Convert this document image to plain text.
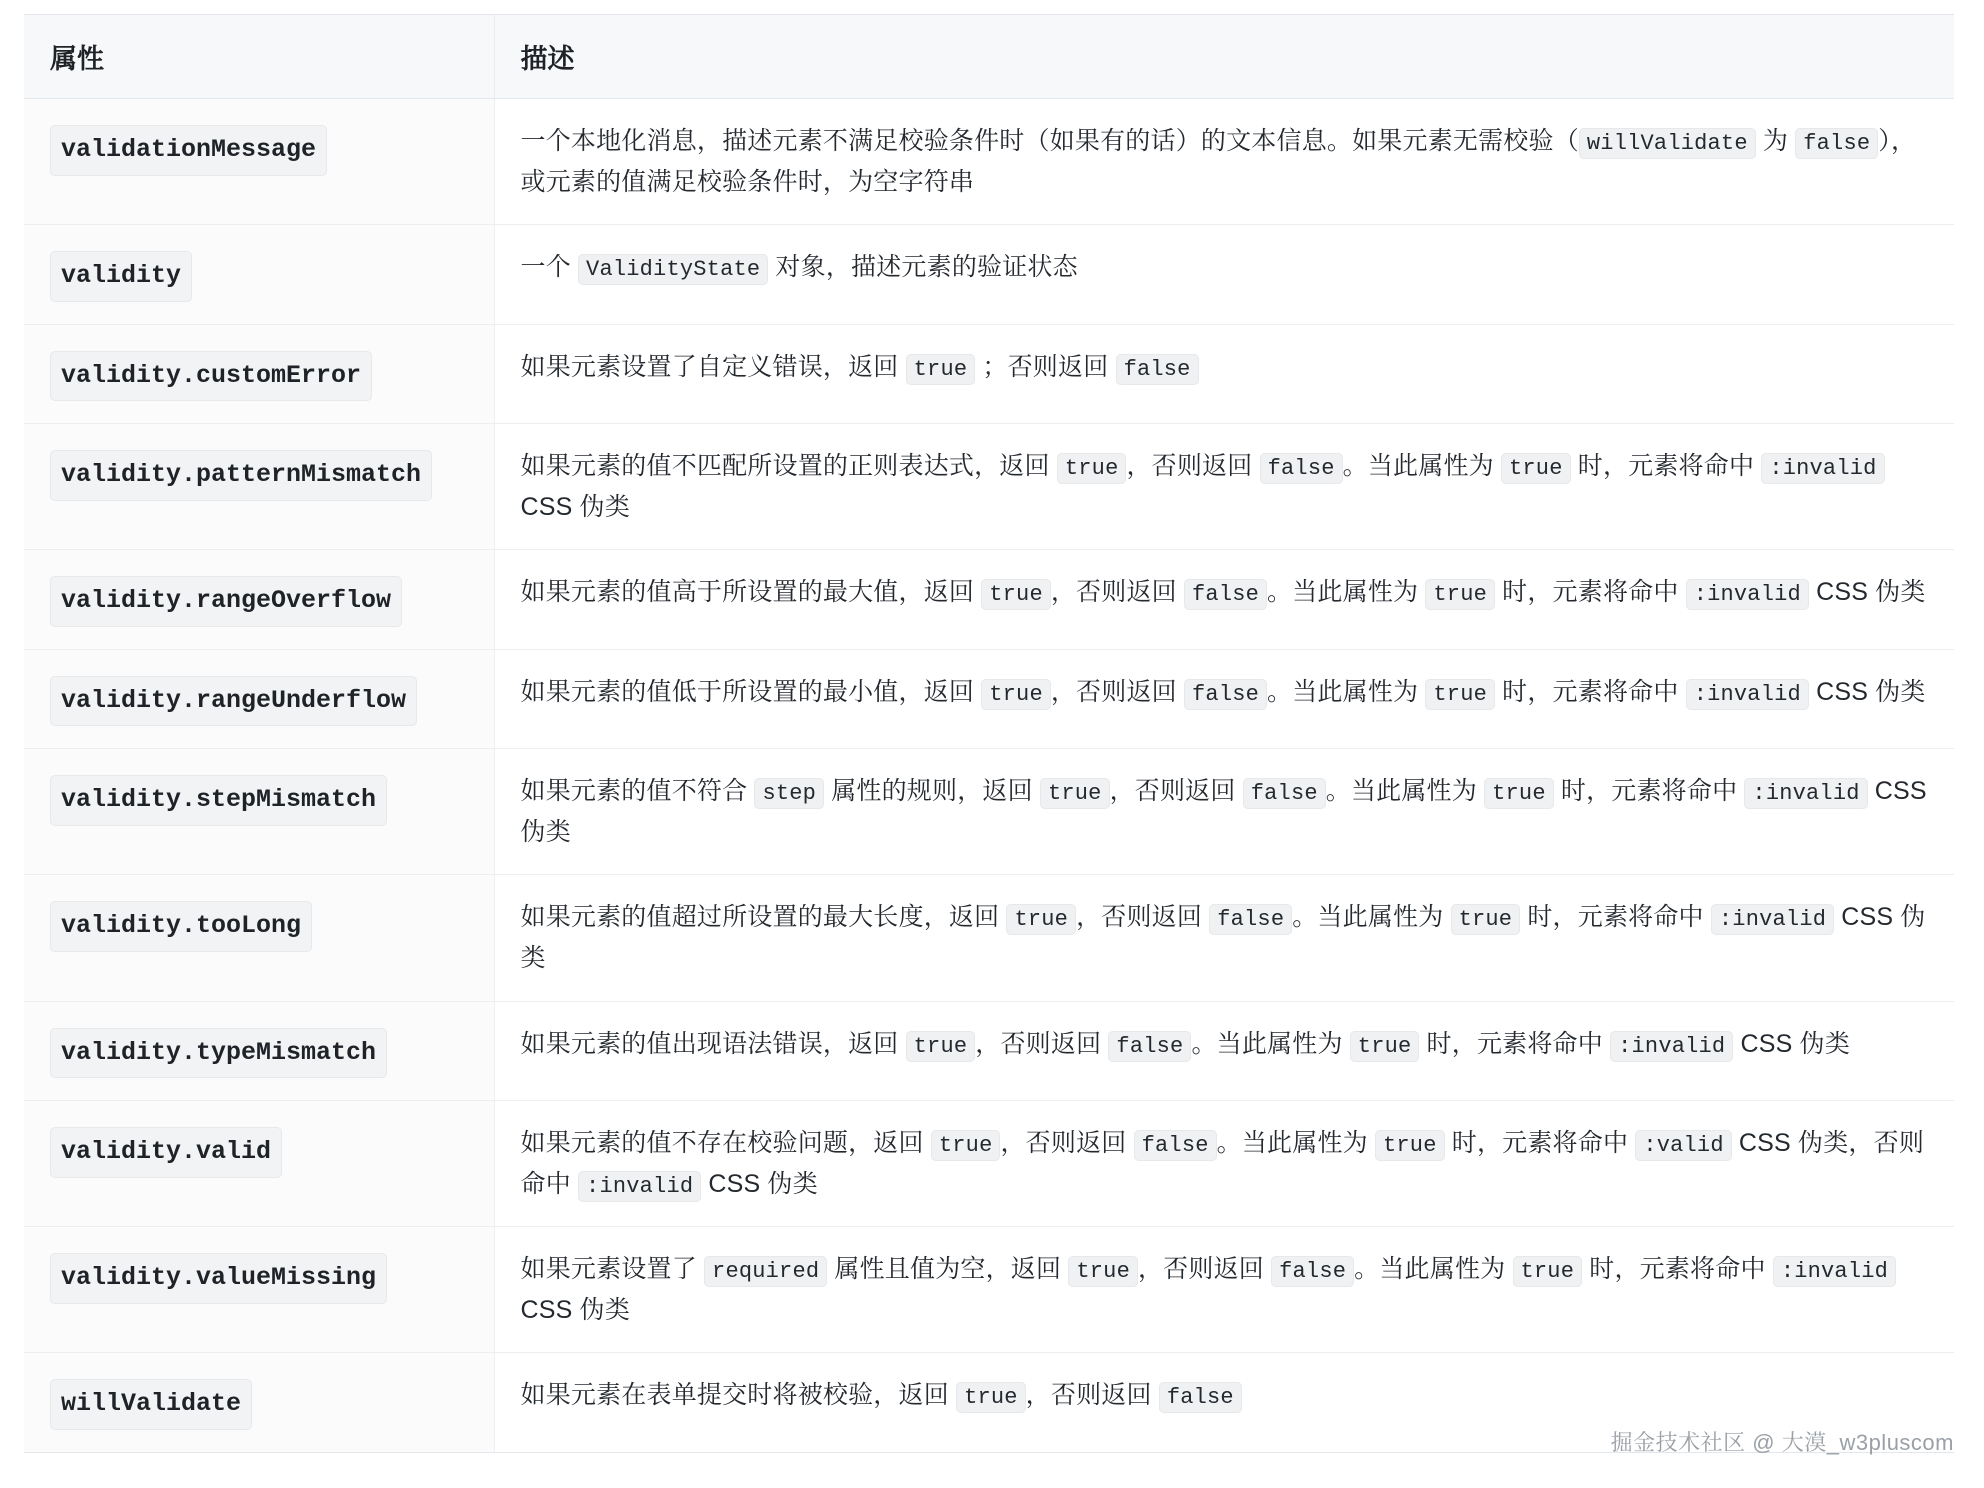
属性	描述
validationMessage	一个本地化消息，描述元素不满足校验条件时（如果有的话）的文本信息。如果元素无需校验（ willValidate 为 false ），或元素的值满足校验条件时，为空字符串
validity	一个 ValidityState 对象，描述元素的验证状态
validity.customError	如果元素设置了自定义错误，返回 true ；否则返回 false
validity.patternMismatch	如果元素的值不匹配所设置的正则表达式，返回 true ，否则返回 false 。当此属性为 true 时，元素将命中 :invalid CSS 伪类
validity.rangeOverflow	如果元素的值高于所设置的最大值，返回 true ，否则返回 false 。当此属性为 true 时，元素将命中 :invalid CSS 伪类
validity.rangeUnderflow	如果元素的值低于所设置的最小值，返回 true ，否则返回 false 。当此属性为 true 时，元素将命中 :invalid CSS 伪类
validity.stepMismatch	如果元素的值不符合 step 属性的规则，返回 true ，否则返回 false 。当此属性为 true 时，元素将命中 :invalid CSS 伪类
validity.tooLong	如果元素的值超过所设置的最大长度，返回 true ，否则返回 false 。当此属性为 true 时，元素将命中 :invalid CSS 伪类
validity.typeMismatch	如果元素的值出现语法错误，返回 true ，否则返回 false 。当此属性为 true 时，元素将命中 :invalid CSS 伪类
validity.valid	如果元素的值不存在校验问题，返回 true ，否则返回 false 。当此属性为 true 时，元素将命中 :valid CSS 伪类，否则命中 :invalid CSS 伪类
validity.valueMissing	如果元素设置了 required 属性且值为空，返回 true ，否则返回 false 。当此属性为 true 时，元素将命中 :invalid CSS 伪类
willValidate	如果元素在表单提交时将被校验，返回 true ，否则返回 false
掘金技术社区 @ 大漠_w3pluscom
